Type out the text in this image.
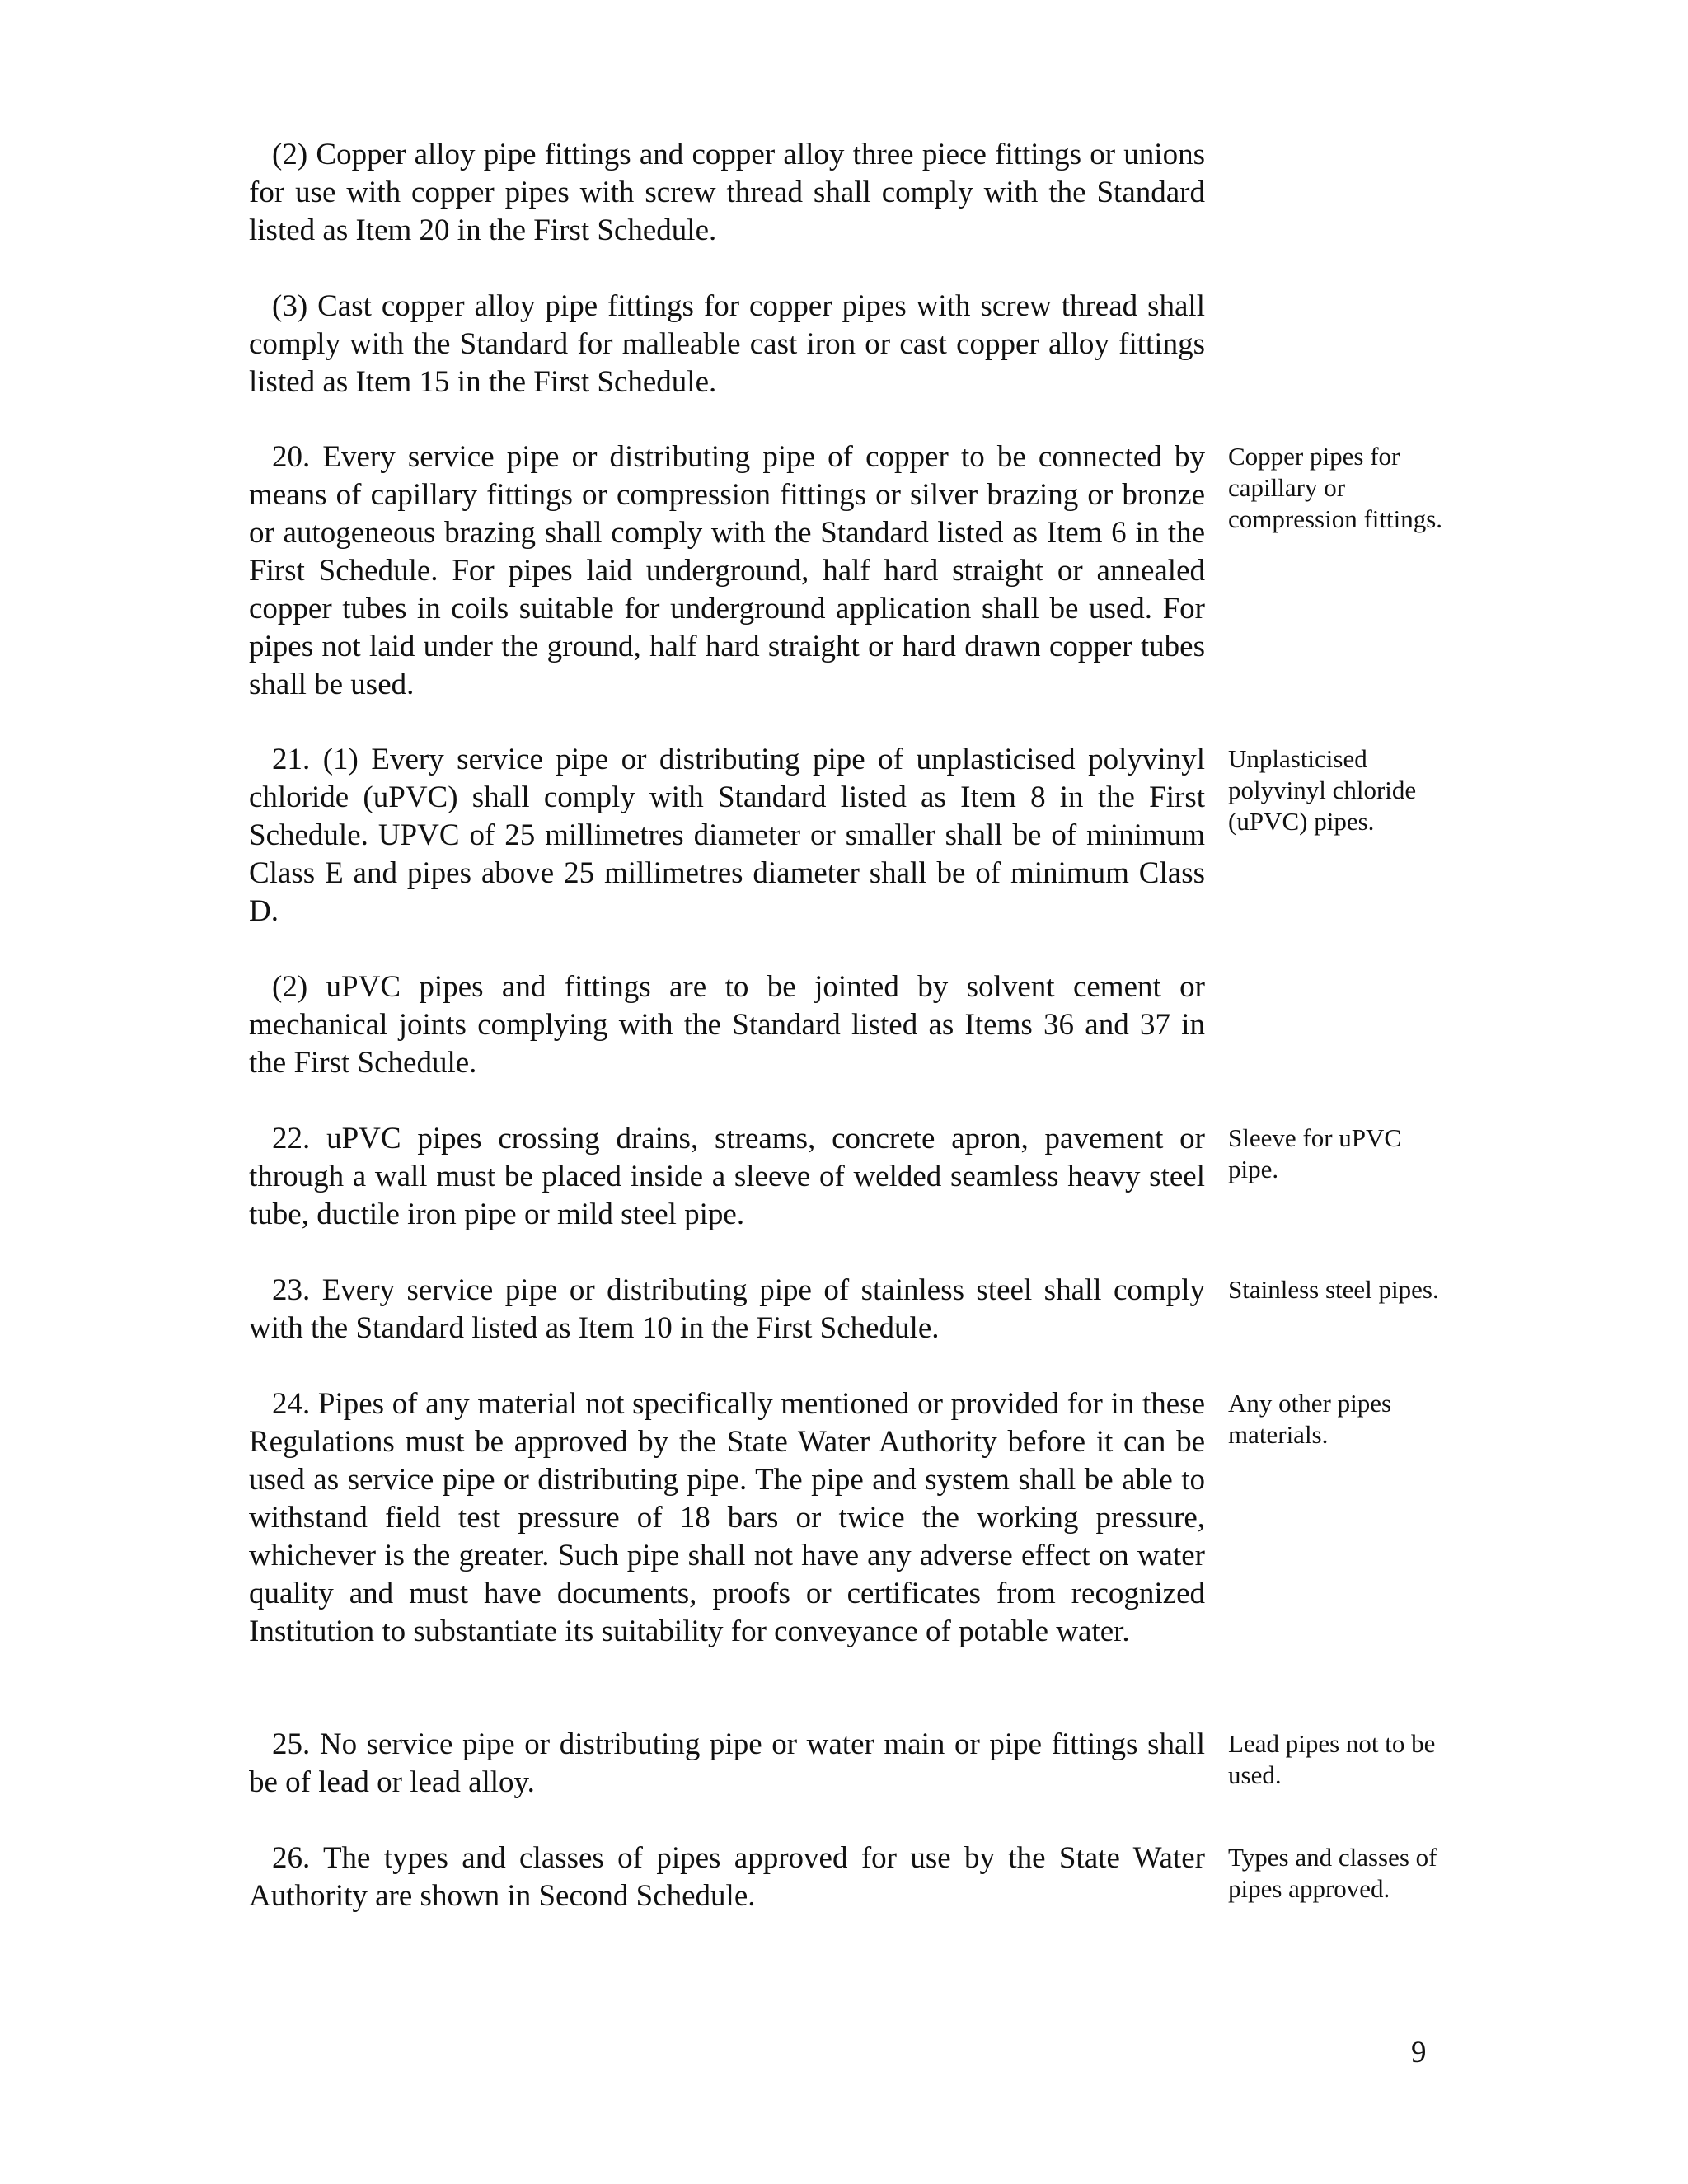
(2) Copper alloy pipe fittings and copper alloy three piece fittings or unions for use with copper pipes with screw thread shall comply with the Standard listed as Item 20 in the First Schedule.

(3) Cast copper alloy pipe fittings for copper pipes with screw thread shall comply with the Standard for malleable cast iron or cast copper alloy fittings listed as Item 15 in the First Schedule.

20. Every service pipe or distributing pipe of copper to be connected by means of capillary fittings or compression fittings or silver brazing or bronze or autogeneous brazing shall comply with the Standard listed as Item 6 in the First Schedule. For pipes laid underground, half hard straight or annealed copper tubes in coils suitable for underground application shall be used. For pipes not laid under the ground, half hard straight or hard drawn copper tubes shall be used.

Copper pipes for capillary or compression fittings.

21. (1) Every service pipe or distributing pipe of unplasticised polyvinyl chloride (uPVC) shall comply with Standard listed as Item 8 in the First Schedule. UPVC of 25 millimetres diameter or smaller shall be of minimum Class E and pipes above 25 millimetres diameter shall be of minimum Class D.

Unplasticised polyvinyl chloride (uPVC) pipes.

(2) uPVC pipes and fittings are to be jointed by solvent cement or mechanical joints complying with the Standard listed as Items 36 and 37 in the First Schedule.

22. uPVC pipes crossing drains, streams, concrete apron, pavement or through a wall must be placed inside a sleeve of welded seamless heavy steel tube, ductile iron pipe or mild steel pipe.

Sleeve for uPVC pipe.

23. Every service pipe or distributing pipe of stainless steel shall comply with the Standard listed as Item 10 in the First Schedule.

Stainless steel pipes.

24. Pipes of any material not specifically mentioned or provided for in these Regulations must be approved by the State Water Authority before it can be used as service pipe or distributing pipe. The pipe and system shall be able to withstand field test pressure of 18 bars or twice the working pressure, whichever is the greater. Such pipe shall not have any adverse effect on water quality and must have documents, proofs or certificates from recognized Institution to substantiate its suitability for conveyance of potable water.

Any other pipes materials.

25. No service pipe or distributing pipe or water main or pipe fittings shall be of lead or lead alloy.

Lead pipes not to be used.

26. The types and classes of pipes approved for use by the State Water Authority are shown in Second Schedule.

Types and classes of pipes approved.

9
